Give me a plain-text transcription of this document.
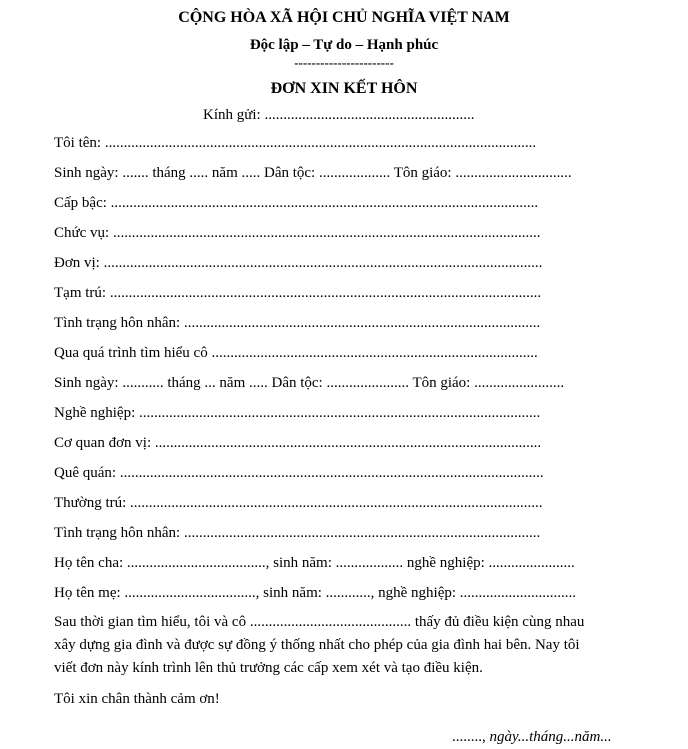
CỘNG HÒA XÃ HỘI CHỦ NGHĨA VIỆT NAM
Độc lập – Tự do – Hạnh phúc
-----------------------
ĐƠN XIN KẾT HÔN
Kính gửi: ........................................................
Tôi tên: ...................................................................................................................
Sinh ngày: ....... tháng ..... năm ..... Dân tộc: ................... Tôn giáo: ...............................
Cấp bậc: ..................................................................................................................
Chức vụ: ..................................................................................................................
Đơn vị: .....................................................................................................................
Tạm trú: ...................................................................................................................
Tình trạng hôn nhân: ...............................................................................................
Qua quá trình tìm hiểu cô .......................................................................................
Sinh ngày: ........... tháng ... năm ..... Dân tộc: ...................... Tôn giáo: ........................
Nghề nghiệp: ...........................................................................................................
Cơ quan đơn vị: .......................................................................................................
Quê quán: .................................................................................................................
Thường trú: ..............................................................................................................
Tình trạng hôn nhân: ...............................................................................................
Họ tên cha: ....................................., sinh năm: .................. nghề nghiệp: .......................
Họ tên mẹ: ..................................., sinh năm: ............, nghề nghiệp: ...............................
Sau thời gian tìm hiểu, tôi và cô ........................................... thấy đủ điều kiện cùng nhau
xây dựng gia đình và được sự đồng ý thống nhất cho phép của gia đình hai bên. Nay tôi
viết đơn này kính trình lên thủ trưởng các cấp xem xét và tạo điều kiện.
Tôi xin chân thành cảm ơn!
........, ngày...tháng...năm...
